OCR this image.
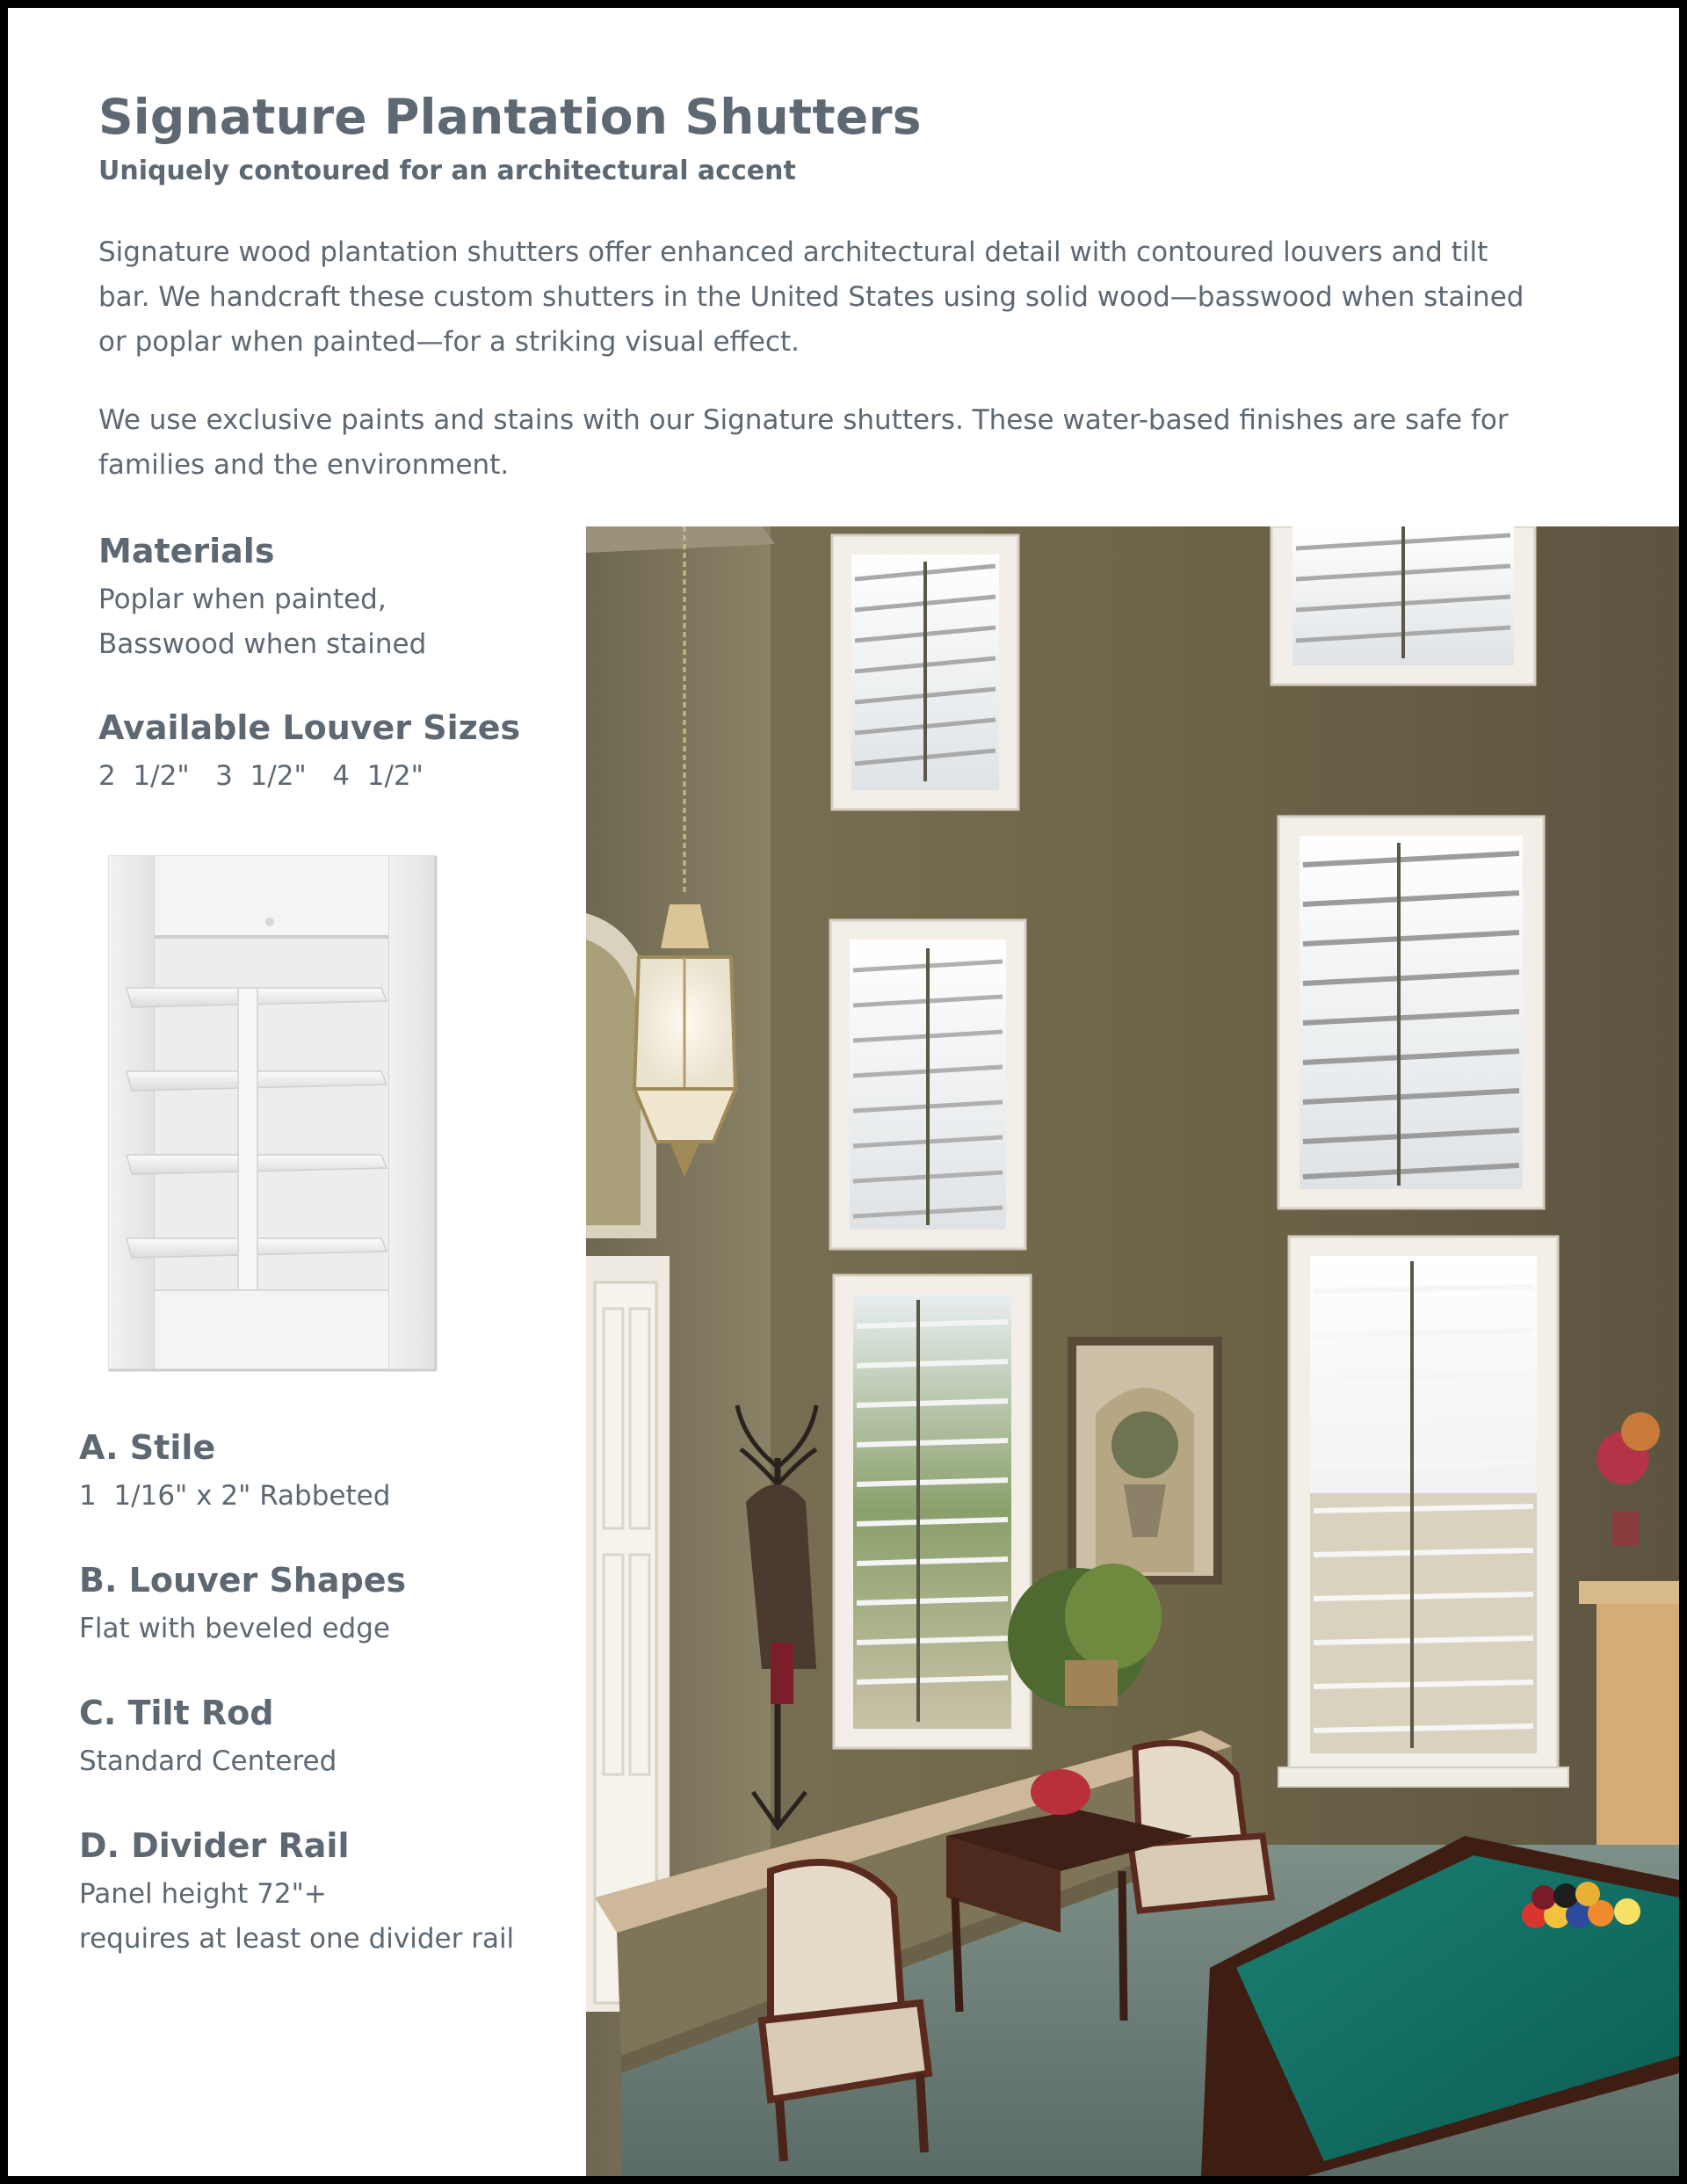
Signature Plantation Shutters
Uniquely contoured for an architectural accent

Signature wood plantation shutters offer enhanced architectural detail with contoured louvers and tilt
bar. We handcraft these custom shutters in the United States using solid wood—basswood when stained
or poplar when painted—for a striking visual effect.

We use exclusive paints and stains with our Signature shutters. These water-based finishes are safe for
families and the environment.

Materials

Poplar when painted,
Basswood when stained

Available Louver Sizes

2  1/2"   3  1/2"   4  1/2"

A. Stile

1  1/16" x 2" Rabbeted

B. Louver Shapes

Flat with beveled edge

C. Tilt Rod

Standard Centered

D. Divider Rail

Panel height 72"+
requires at least one divider rail
